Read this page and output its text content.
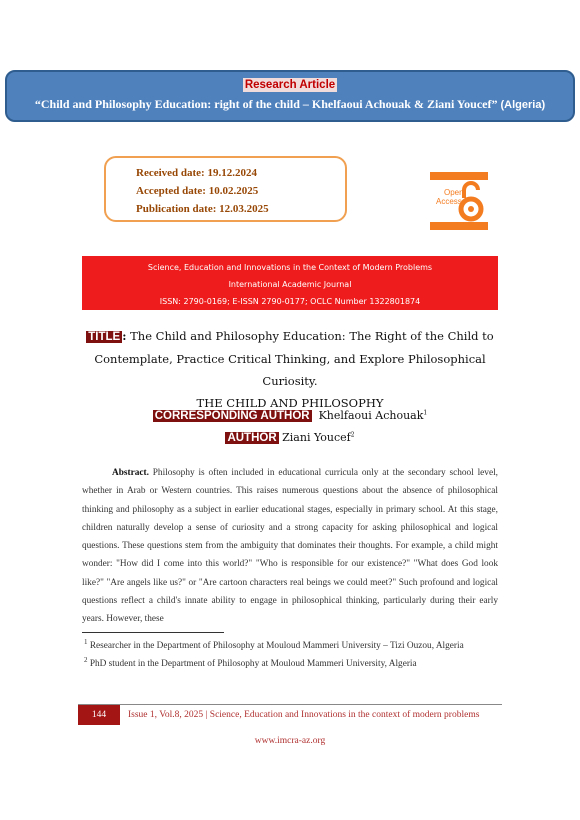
Research Article
“Child and Philosophy Education: right of the child – Khelfaoui Achouak & Ziani Youcef” (Algeria)
Received date: 19.12.2024
Accepted date: 10.02.2025
Publication date: 12.03.2025
Open
Access
Science, Education and Innovations in the Context of Modern Problems
International Academic Journal
ISSN: 2790-0169; E-ISSN 2790-0177; OCLC Number 1322801874
TITLE : The Child and Philosophy Education: The Right of the Child to
Contemplate, Practice Critical Thinking, and Explore Philosophical Curiosity.
THE CHILD AND PHILOSOPHY
CORRESPONDING AUTHOR Khelfaoui Achouak$^1$
AUTHOR Ziani Youcef$^2$

Abstract. Philosophy is often included in educational curricula only at the secondary school level, whether in Arab or Western countries. This raises numerous questions about the absence of philosophical thinking and philosophy as a subject in earlier educational stages, especially in primary school. At this stage, children naturally develop a sense of curiosity and a strong capacity for asking philosophical and logical questions. These questions stem from the ambiguity that dominates their thoughts. For example, a child might wonder: "How did I come into this world?" "Who is responsible for our existence?" "What does God look like?" "Are angels like us?" or "Are cartoon characters real beings we could meet?" Such profound and logical questions reflect a child's innate ability to engage in philosophical thinking, particularly during their early years. However, these

$^1$ Researcher in the Department of Philosophy at Mouloud Mammeri University – Tizi Ouzou, Algeria

$^2$ PhD student in the Department of Philosophy at Mouloud Mammeri University, Algeria

144	Issue 1, Vol.8, 2025 | Science, Education and Innovations in the context of modern problems
www.imcra-az.org
